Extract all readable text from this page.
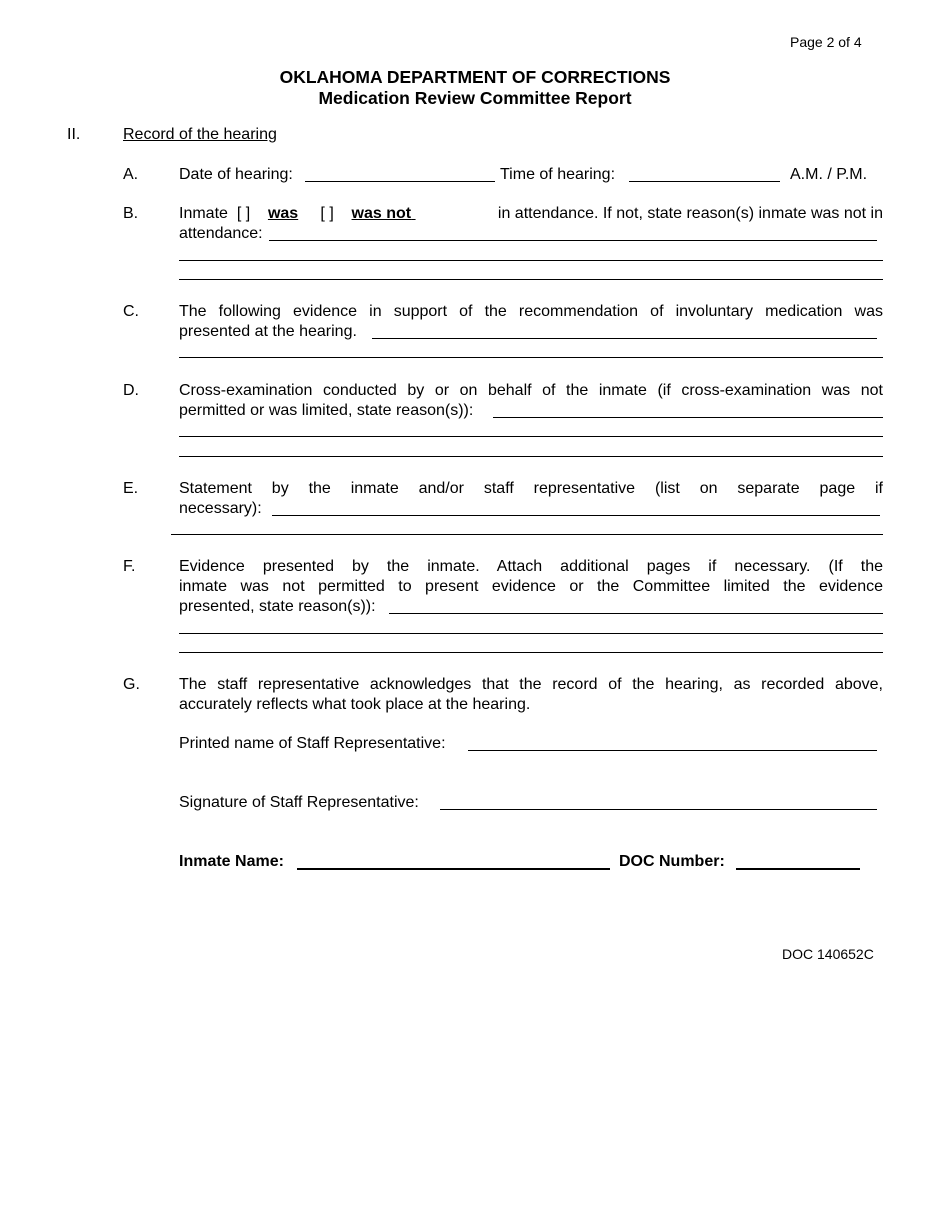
Page 2 of 4
OKLAHOMA DEPARTMENT OF CORRECTIONS
Medication Review Committee Report
II.	Record of the hearing
A.	Date of hearing:	Time of hearing:	A.M. / P.M.
B.	Inmate [ ] was [ ] was not	in attendance. If not, state reason(s) inmate was not in
attendance:
C.	The following evidence in support of the recommendation of involuntary medication was
presented at the hearing.
D.	Cross-examination conducted by or on behalf of the inmate (if cross-examination was not
permitted or was limited, state reason(s)):
E.	Statement by the inmate and/or staff representative (list on separate page if
necessary):
F.	Evidence presented by the inmate. Attach additional pages if necessary. (If the
inmate was not permitted to present evidence or the Committee limited the evidence
presented, state reason(s)):
G. The staff representative acknowledges that the record of the hearing, as recorded above,
accurately reflects what took place at the hearing.
Printed name of Staff Representative:
Signature of Staff Representative:
Inmate Name:	DOC Number:
DOC 140652C
